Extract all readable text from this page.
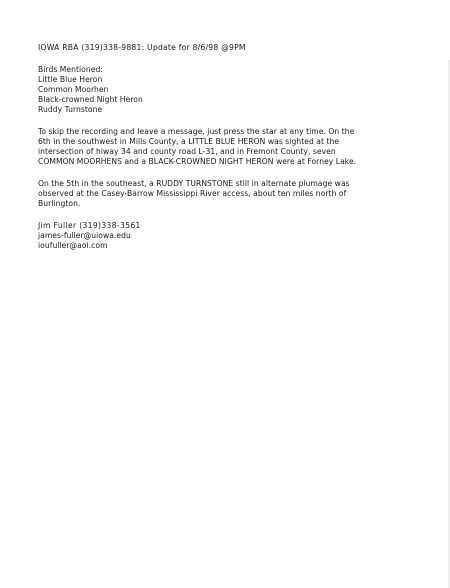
IOWA RBA (319)338-9881: Update for 8/6/98 @9PM

Birds Mentioned:

Little Blue Heron
Common Moorhen
Black-crowned Night Heron
Ruddy Turnstone

To skip the recording and leave a message, just press the star at any time. On the
6th in the southwest in Mills County, a LITTLE BLUE HERON was sighted at the
intersection of hiway 34 and county road L-31, and in Fremont County, seven
COMMON MOORHENS and a BLACK-CROWNED NIGHT HERON were at Forney Lake.

On the 5th in the southeast, a RUDDY TURNSTONE still in alternate plumage was
observed at the Casey-Barrow Mississippi River access, about ten miles north of
Burlington.

Jim Fuller (319)338-3561
james-fuller@uiowa.edu
ioufuller@aol.com
